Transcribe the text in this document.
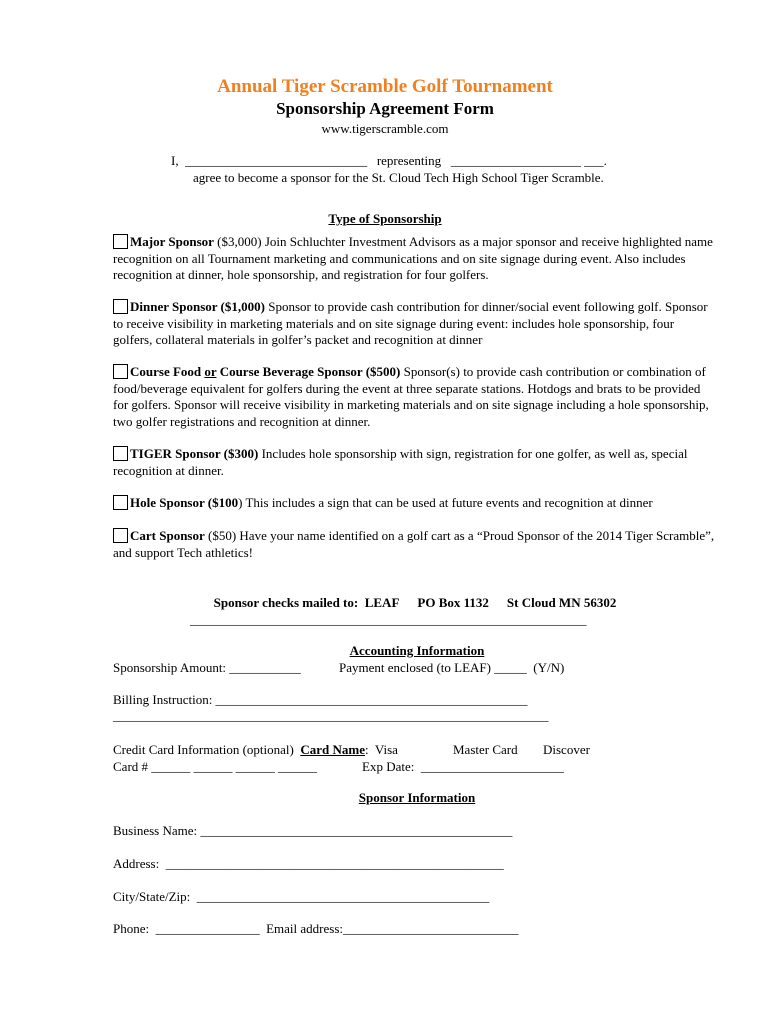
Annual Tiger Scramble Golf Tournament
Sponsorship Agreement Form
www.tigerscramble.com
I,  ____________________________   representing   ____________________ ___.
agree to become a sponsor for the St. Cloud Tech High School Tiger Scramble.
Type of Sponsorship
Major Sponsor ($3,000) Join Schluchter Investment Advisors as a major sponsor and receive highlighted name recognition on all Tournament marketing and communications and on site signage during event. Also includes recognition at dinner, hole sponsorship, and registration for four golfers.
Dinner Sponsor ($1,000) Sponsor to provide cash contribution for dinner/social event following golf. Sponsor to receive visibility in marketing materials and on site signage during event: includes hole sponsorship, four golfers, collateral materials in golfer’s packet and recognition at dinner
Course Food or Course Beverage Sponsor ($500) Sponsor(s) to provide cash contribution or combination of food/beverage equivalent for golfers during the event at three separate stations. Hotdogs and brats to be provided for golfers. Sponsor will receive visibility in marketing materials and on site signage including a hole sponsorship, two golfer registrations and recognition at dinner.
TIGER Sponsor ($300) Includes hole sponsorship with sign, registration for one golfer, as well as, special recognition at dinner.
Hole Sponsor ($100) This includes a sign that can be used at future events and recognition at dinner
Cart Sponsor ($50) Have your name identified on a golf cart as a “Proud Sponsor of the 2014 Tiger Scramble”, and support Tech athletics!
Sponsor checks mailed to:  LEAF PO Box 1132 St Cloud MN 56302
_____________________________________________________________
Accounting Information
Sponsorship Amount: ___________	Payment enclosed (to LEAF) _____  (Y/N)
Billing Instruction: ________________________________________________
___________________________________________________________________
Credit Card Information (optional)  Card Name:  Visa	Master Card Discover
Card # ______ ______ ______ ______	Exp Date:  ______________________
Sponsor Information
Business Name: ________________________________________________
Address:  ____________________________________________________
City/State/Zip:  _____________________________________________
Phone:  ________________  Email address:___________________________
